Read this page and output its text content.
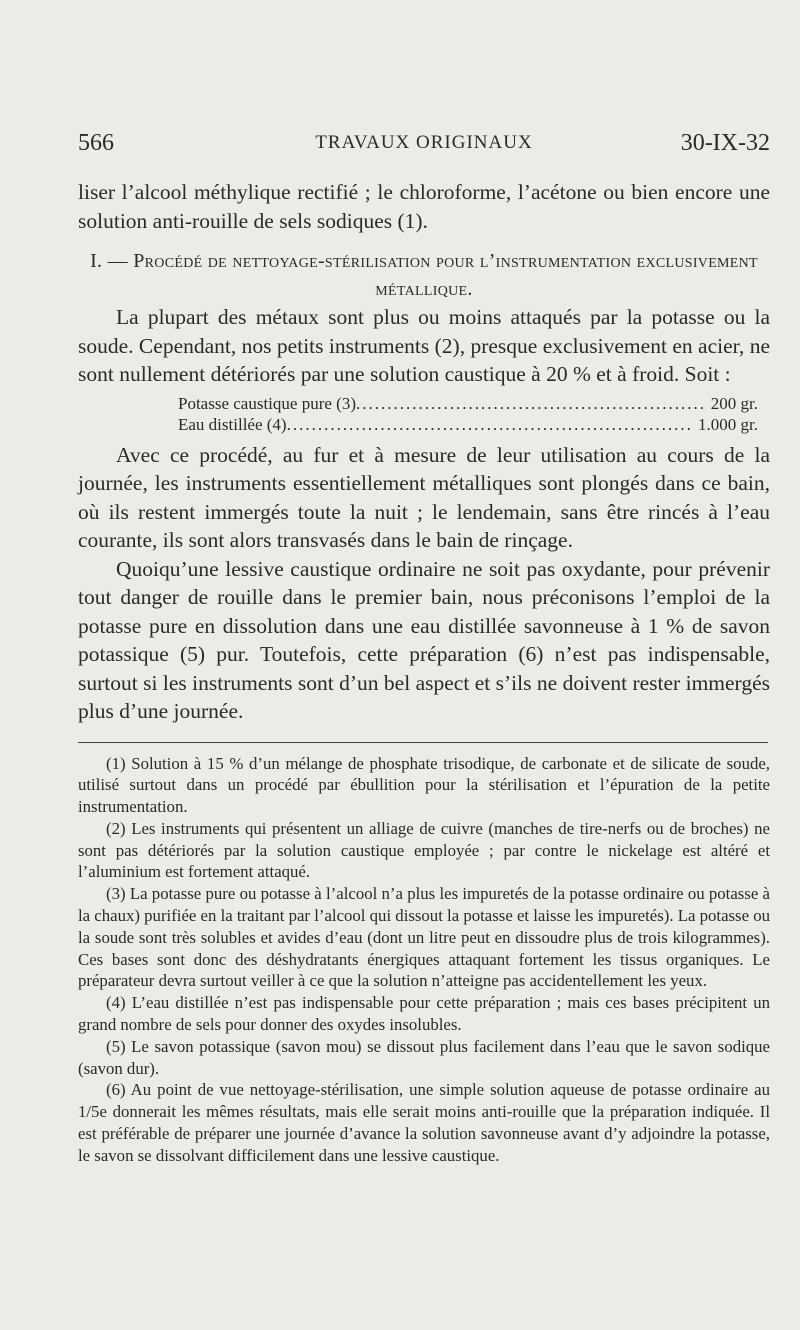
566	TRAVAUX ORIGINAUX	30-IX-32

liser l’alcool méthylique rectifié ; le chloroforme, l’acétone ou bien encore une solution anti-rouille de sels sodiques (1).

I. — Procédé de nettoyage-stérilisation pour l’instrumentation exclusivement métallique.

La plupart des métaux sont plus ou moins attaqués par la potasse ou la soude. Cependant, nos petits instruments (2), presque exclusivement en acier, ne sont nullement détériorés par une solution caustique à 20 % et à froid. Soit :

Potasse caustique pure (3) .....	200 gr.
Eau distillée (4) .....	1.000 gr.

Avec ce procédé, au fur et à mesure de leur utilisation au cours de la journée, les instruments essentiellement métalliques sont plongés dans ce bain, où ils restent immergés toute la nuit ; le lendemain, sans être rincés à l’eau courante, ils sont alors transvasés dans le bain de rinçage.

Quoiqu’une lessive caustique ordinaire ne soit pas oxydante, pour prévenir tout danger de rouille dans le premier bain, nous préconisons l’emploi de la potasse pure en dissolution dans une eau distillée savonneuse à 1 % de savon potassique (5) pur. Toutefois, cette préparation (6) n’est pas indispensable, surtout si les instruments sont d’un bel aspect et s’ils ne doivent rester immergés plus d’une journée.

(1) Solution à 15 % d’un mélange de phosphate trisodique, de carbonate et de silicate de soude, utilisé surtout dans un procédé par ébullition pour la stérilisation et l’épuration de la petite instrumentation.

(2) Les instruments qui présentent un alliage de cuivre (manches de tire-nerfs ou de broches) ne sont pas détériorés par la solution caustique employée ; par contre le nickelage est altéré et l’aluminium est fortement attaqué.

(3) La potasse pure ou potasse à l’alcool n’a plus les impuretés de la potasse ordinaire ou potasse à la chaux) purifiée en la traitant par l’alcool qui dissout la potasse et laisse les impuretés). La potasse ou la soude sont très solubles et avides d’eau (dont un litre peut en dissoudre plus de trois kilogrammes). Ces bases sont donc des déshydratants énergiques attaquant fortement les tissus organiques. Le préparateur devra surtout veiller à ce que la solution n’atteigne pas accidentellement les yeux.

(4) L’eau distillée n’est pas indispensable pour cette préparation ; mais ces bases précipitent un grand nombre de sels pour donner des oxydes insolubles.

(5) Le savon potassique (savon mou) se dissout plus facilement dans l’eau que le savon sodique (savon dur).

(6) Au point de vue nettoyage-stérilisation, une simple solution aqueuse de potasse ordinaire au 1/5e donnerait les mêmes résultats, mais elle serait moins anti-rouille que la préparation indiquée. Il est préférable de préparer une journée d’avance la solution savonneuse avant d’y adjoindre la potasse, le savon se dissolvant difficilement dans une lessive caustique.
